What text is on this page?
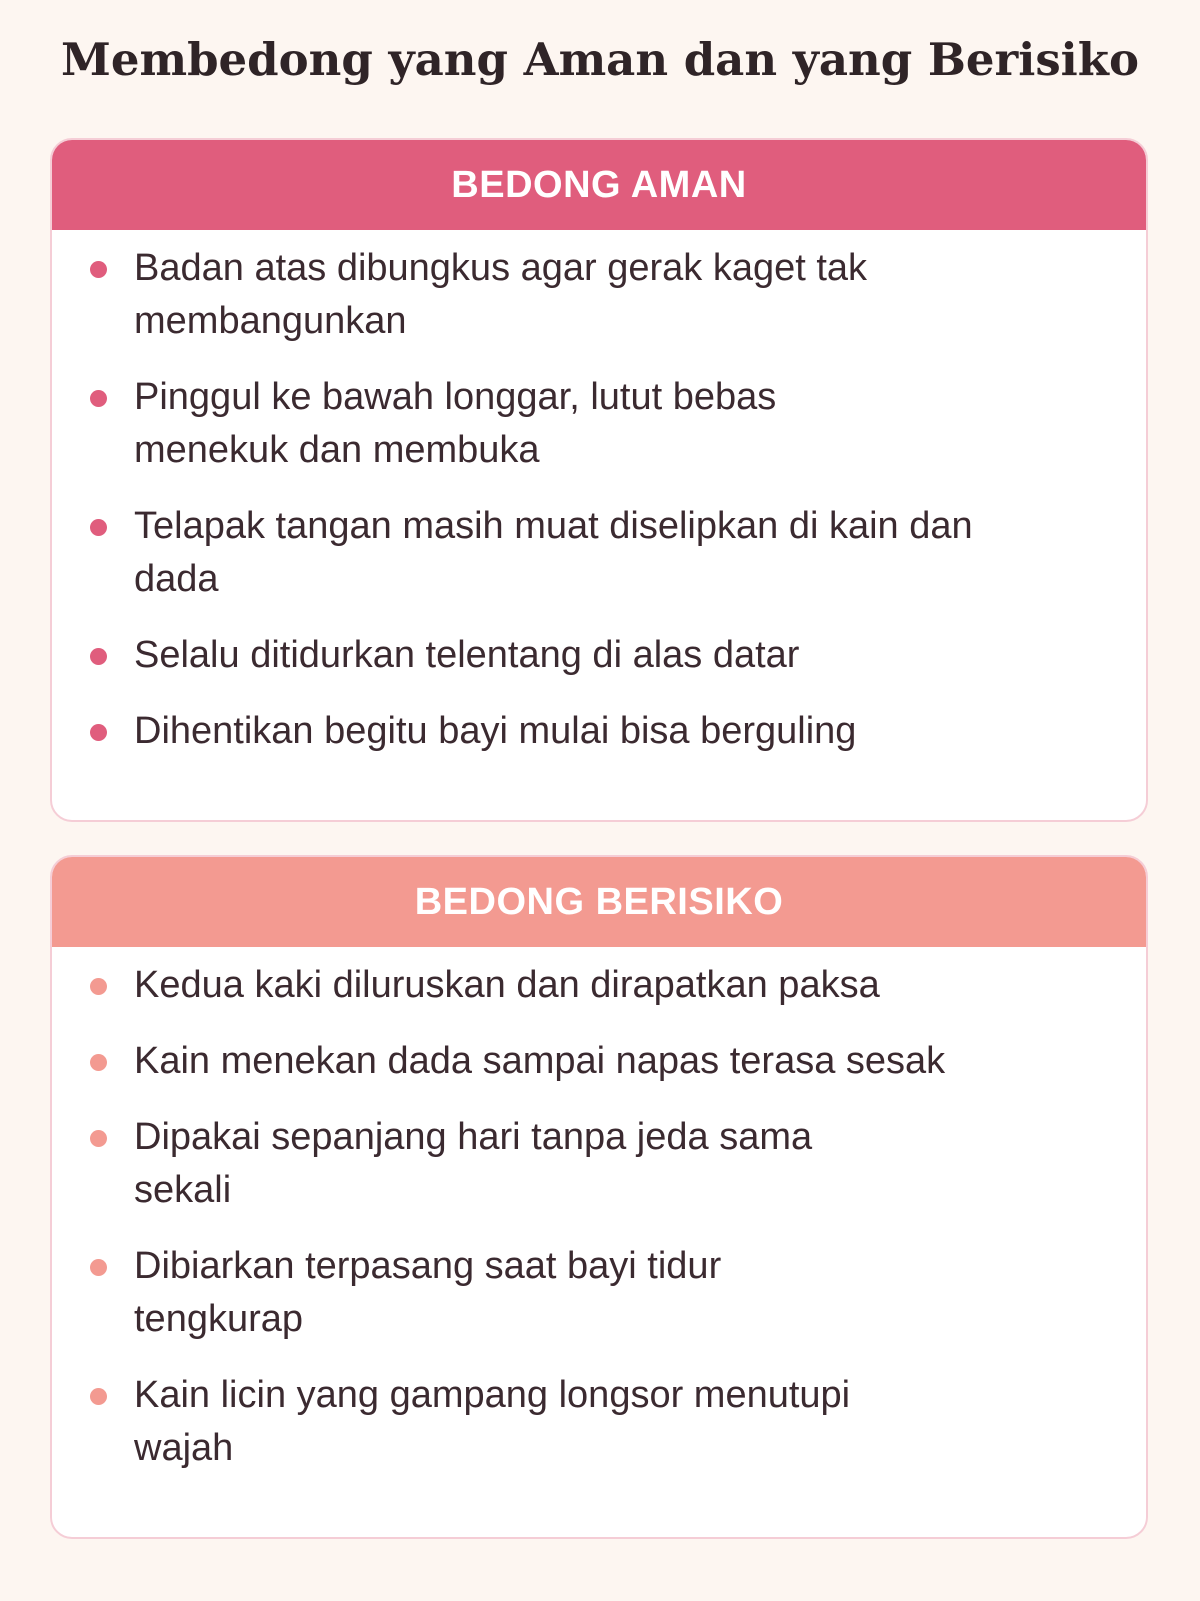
Membedong yang Aman dan yang Berisiko
BEDONG AMAN
Badan atas dibungkus agar gerak kaget tak membangunkan
Pinggul ke bawah longgar, lutut bebas menekuk dan membuka
Telapak tangan masih muat diselipkan di kain dan dada
Selalu ditidurkan telentang di alas datar
Dihentikan begitu bayi mulai bisa berguling
BEDONG BERISIKO
Kedua kaki diluruskan dan dirapatkan paksa
Kain menekan dada sampai napas terasa sesak
Dipakai sepanjang hari tanpa jeda sama sekali
Dibiarkan terpasang saat bayi tidur tengkurap
Kain licin yang gampang longsor menutupi wajah
